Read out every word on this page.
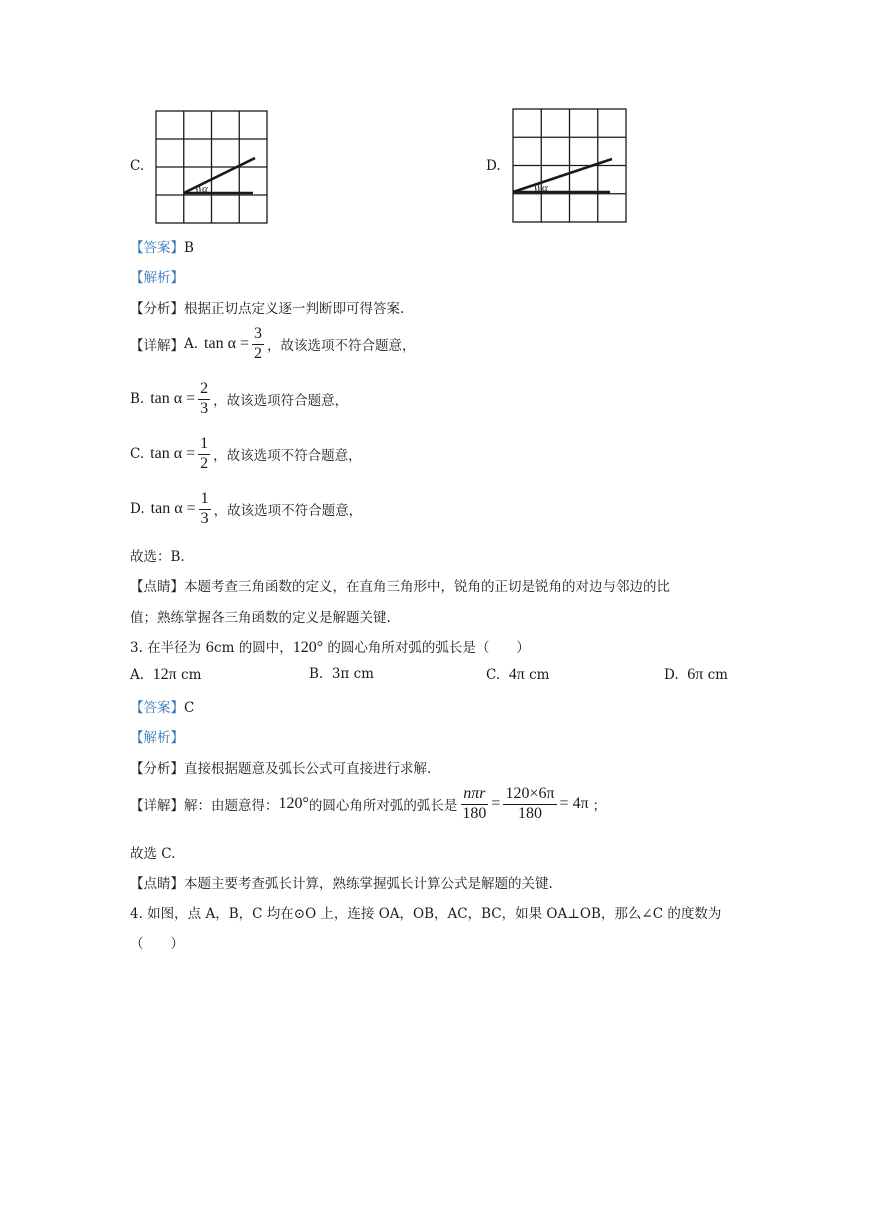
C.
α
D.
α
【答案】B
【解析】
【分析】根据正切点定义逐一判断即可得答案.
【详解】 A. $\tan \alpha = \frac{3}{2}$ ，故该选项不符合题意，
B. $\tan \alpha = \frac{2}{3}$ ，故该选项符合题意，
C. $\tan \alpha = \frac{1}{2}$ ，故该选项不符合题意，
D. $\tan \alpha = \frac{1}{3}$ ，故该选项不符合题意，
故选：B.
【点睛】本题考查三角函数的定义，在直角三角形中，锐角的正切是锐角的对边与邻边的比
值；熟练掌握各三角函数的定义是解题关键.
3. 在半径为 6cm 的圆中，120° 的圆心角所对弧的弧长是（　　）
A. 12π cm	B. 3π cm	C. 4π cm	D. 6π cm
【答案】C
【解析】
【分析】直接根据题意及弧长公式可直接进行求解.
【详解】 解：由题意得： 120° 的圆心角所对弧的弧长是 $\frac{\text{nπr}}{180} = \frac{120\times 6\pi}{180} = 4\pi$ ；
故选 C.
【点睛】本题主要考查弧长计算，熟练掌握弧长计算公式是解题的关键.
4. 如图，点 A，B，C 均在⊙O 上，连接 OA，OB，AC，BC，如果 OA⊥OB，那么∠C 的度数为
（　　）
